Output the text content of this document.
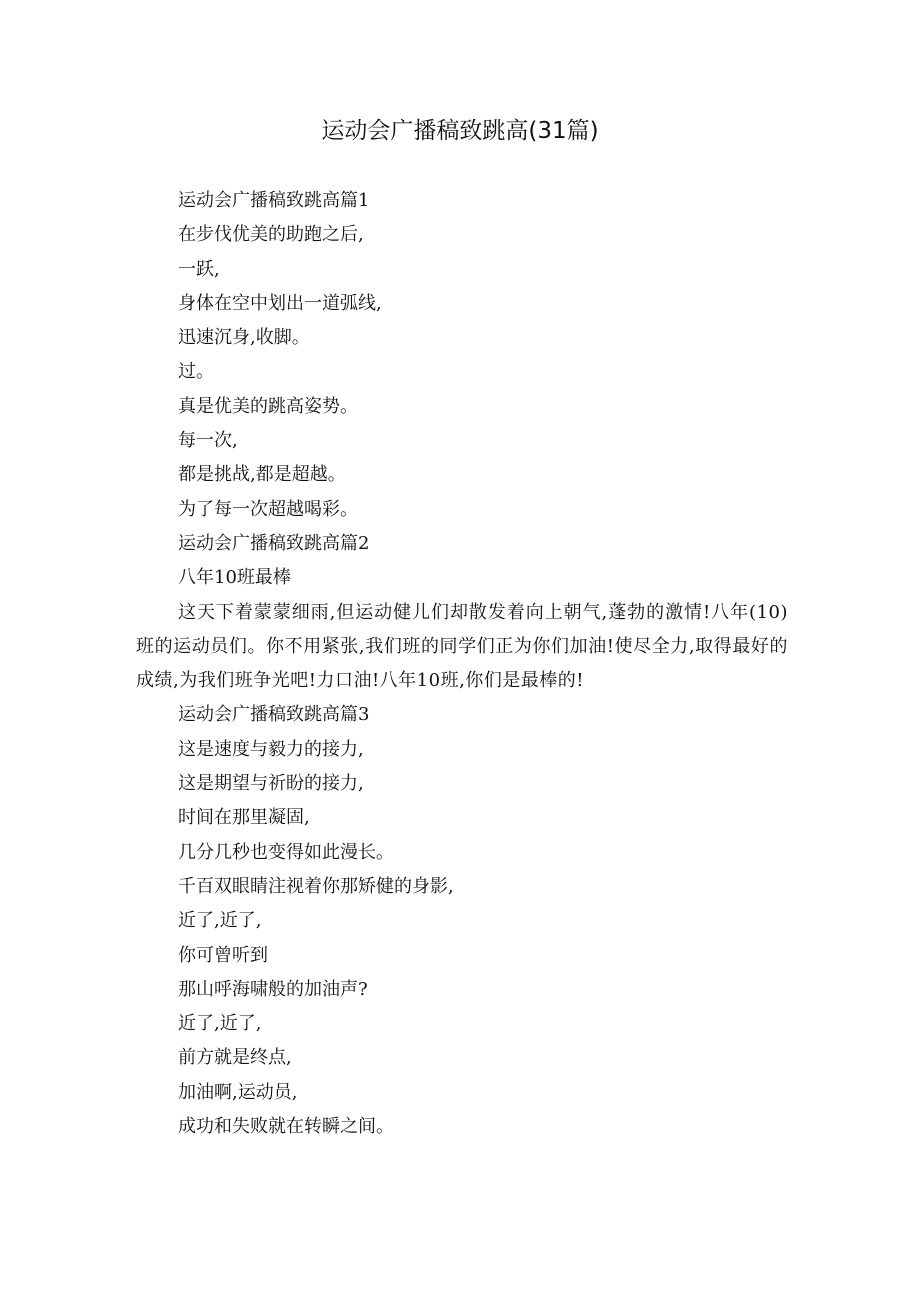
运动会广播稿致跳高(31篇)

运动会广播稿致跳高篇1

在步伐优美的助跑之后,

一跃,

身体在空中划出一道弧线,

迅速沉身,收脚。

过。

真是优美的跳高姿势。

每一次,

都是挑战,都是超越。

为了每一次超越喝彩。

运动会广播稿致跳高篇2

八年10班最棒

这天下着蒙蒙细雨,但运动健儿们却散发着向上朝气,蓬勃的激情!八年(10)班的运动员们。你不用紧张,我们班的同学们正为你们加油!使尽全力,取得最好的成绩,为我们班争光吧!力口油!八年10班,你们是最棒的!

运动会广播稿致跳高篇3

这是速度与毅力的接力,

这是期望与祈盼的接力,

时间在那里凝固,

几分几秒也变得如此漫长。

千百双眼睛注视着你那矫健的身影,

近了,近了,

你可曾听到

那山呼海啸般的加油声?

近了,近了,

前方就是终点,

加油啊,运动员,

成功和失败就在转瞬之间。
